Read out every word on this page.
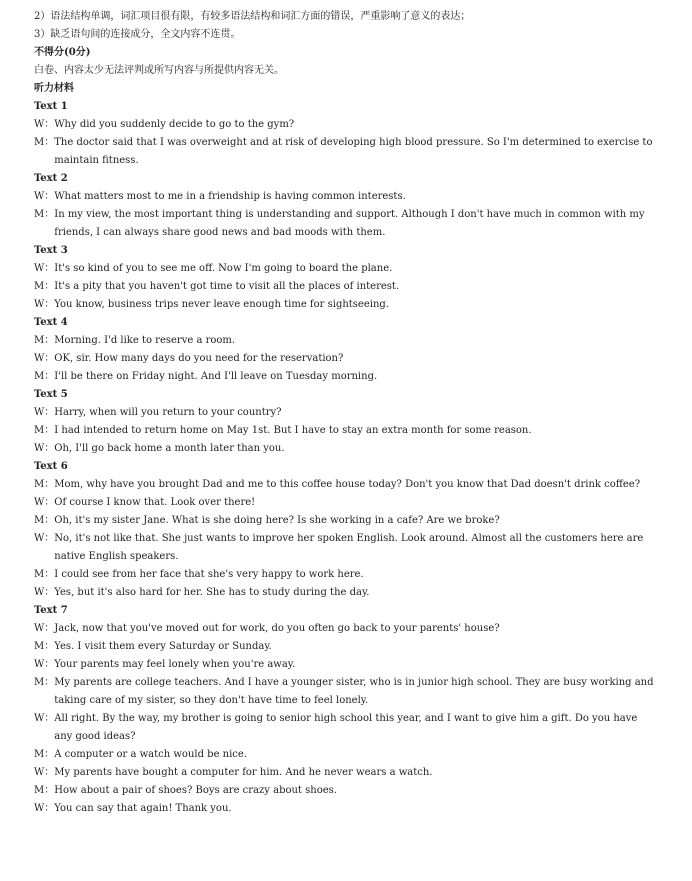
2）语法结构单调，词汇项目很有限，有较多语法结构和词汇方面的错误，严重影响了意义的表达；
3）缺乏语句间的连接成分，全文内容不连贯。
不得分(0分)
白卷、内容太少无法评判或所写内容与所提供内容无关。
听力材料
Text 1
W： Why did you suddenly decide to go to the gym?
M： The doctor said that I was overweight and at risk of developing high blood pressure. So I'm determined to exercise to
maintain fitness.
Text 2
W： What matters most to me in a friendship is having common interests.
M： In my view, the most important thing is understanding and support. Although I don't have much in common with my
friends, I can always share good news and bad moods with them.
Text 3
W： It's so kind of you to see me off. Now I'm going to board the plane.
M： It's a pity that you haven't got time to visit all the places of interest.
W： You know, business trips never leave enough time for sightseeing.
Text 4
M： Morning. I'd like to reserve a room.
W： OK, sir. How many days do you need for the reservation?
M： I'll be there on Friday night. And I'll leave on Tuesday morning.
Text 5
W： Harry, when will you return to your country?
M： I had intended to return home on May 1st. But I have to stay an extra month for some reason.
W： Oh, I'll go back home a month later than you.
Text 6
M： Mom, why have you brought Dad and me to this coffee house today? Don't you know that Dad doesn't drink coffee?
W： Of course I know that. Look over there!
M： Oh, it's my sister Jane. What is she doing here? Is she working in a cafe? Are we broke?
W： No, it's not like that. She just wants to improve her spoken English. Look around. Almost all the customers here are
native English speakers.
M： I could see from her face that she's very happy to work here.
W： Yes, but it's also hard for her. She has to study during the day.
Text 7
W： Jack, now that you've moved out for work, do you often go back to your parents' house?
M： Yes. I visit them every Saturday or Sunday.
W： Your parents may feel lonely when you're away.
M： My parents are college teachers. And I have a younger sister, who is in junior high school. They are busy working and
taking care of my sister, so they don't have time to feel lonely.
W： All right. By the way, my brother is going to senior high school this year, and I want to give him a gift. Do you have
any good ideas?
M： A computer or a watch would be nice.
W： My parents have bought a computer for him. And he never wears a watch.
M： How about a pair of shoes? Boys are crazy about shoes.
W： You can say that again! Thank you.
